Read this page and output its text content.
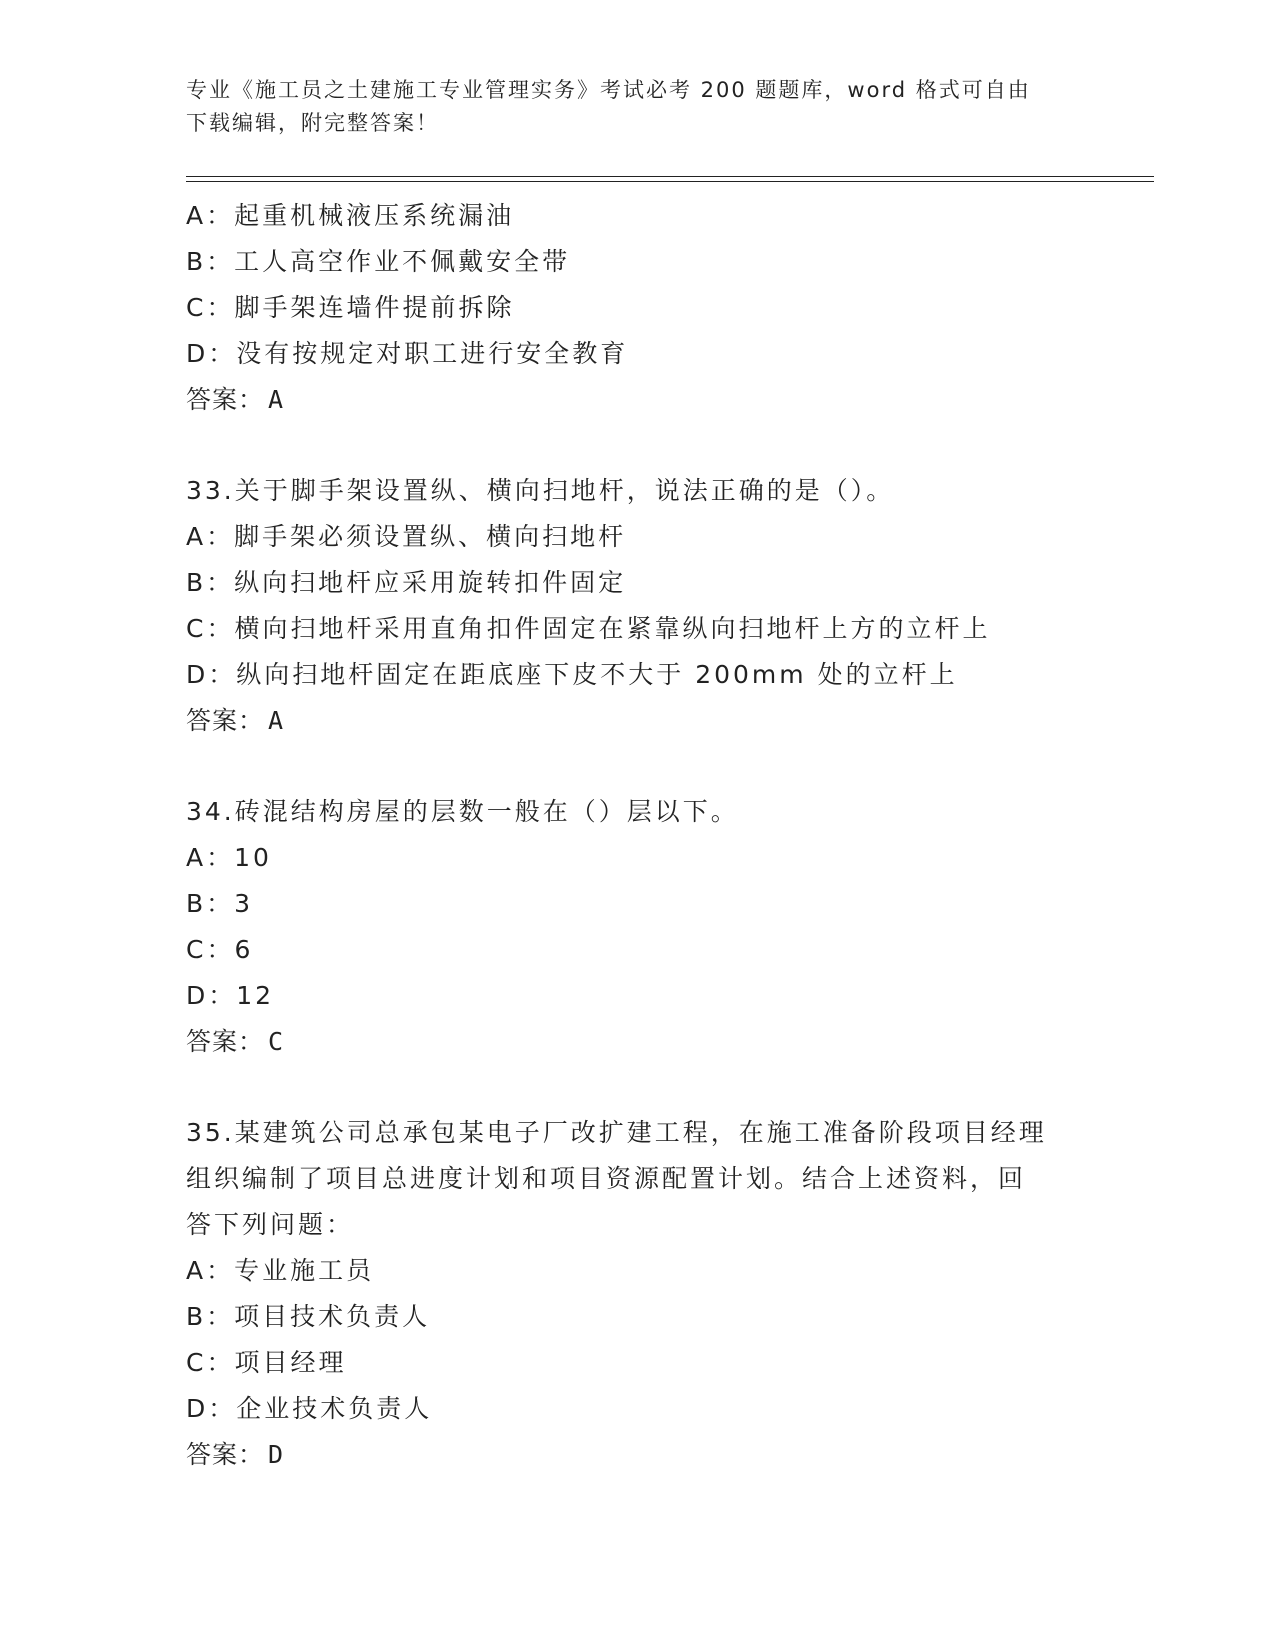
专业《施工员之土建施工专业管理实务》考试必考 200 题题库，word 格式可自由
下载编辑，附完整答案！
A：起重机械液压系统漏油
B：工人高空作业不佩戴安全带
C：脚手架连墙件提前拆除
D：没有按规定对职工进行安全教育
答案： A
33.关于脚手架设置纵、横向扫地杆，说法正确的是（）。
A：脚手架必须设置纵、横向扫地杆
B：纵向扫地杆应采用旋转扣件固定
C：横向扫地杆采用直角扣件固定在紧靠纵向扫地杆上方的立杆上
D：纵向扫地杆固定在距底座下皮不大于 200mm 处的立杆上
答案： A
34.砖混结构房屋的层数一般在（）层以下。
A：10
B：3
C：6
D：12
答案： C
35.某建筑公司总承包某电子厂改扩建工程，在施工准备阶段项目经理
组织编制了项目总进度计划和项目资源配置计划。结合上述资料，回
答下列问题：
A：专业施工员
B：项目技术负责人
C：项目经理
D：企业技术负责人
答案： D
